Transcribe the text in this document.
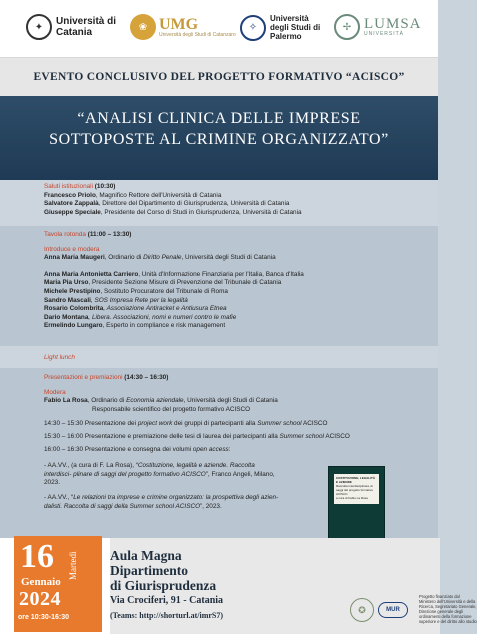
✦	Università di Catania	❀ UMG
Università degli Studi di Catanzaro
✧
Università degli Studi di Palermo
✢ LUMSA
UNIVERSITÀ
EVENTO CONCLUSIVO DEL PROGETTO FORMATIVO “ACISCO”
“ANALISI CLINICA DELLE IMPRESE
SOTTOPOSTE AL CRIMINE ORGANIZZATO”
Saluti istituzionali (10:30)
Francesco Priolo, Magnifico Rettore dell'Università di Catania
Salvatore Zappalà, Direttore del Dipartimento di Giurisprudenza, Università di Catania
Giuseppe Speciale, Presidente del Corso di Studi in Giurisprudenza, Università di Catania
Tavola rotonda (11:00 – 13:30)
Introduce e modera
Anna Maria Maugeri, Ordinario di Diritto Penale, Università degli Studi di Catania
Anna Maria Antonietta Carriero, Unità d'Informazione Finanziaria per l'Italia, Banca d'Italia
Maria Pia Urso, Presidente Sezione Misure di Prevenzione del Tribunale di Catania
Michele Prestipino, Sostituto Procuratore del Tribunale di Roma
Sandro Mascali, SOS Impresa Rete per la legalità
Rosario Colombrita, Associazione Antiracket e Antiusura Etnea
Dario Montana, Libera. Associazioni, nomi e numeri contro le mafie
Ermelindo Lungaro, Esperto in compliance e risk management
Light lunch
Presentazioni e premiazioni (14:30 – 16:30)
Modera
Fabio La Rosa, Ordinario di Economia aziendale, Università degli Studi di Catania
Responsabile scientifico del progetto formativo ACISCO
14:30 – 15:30 Presentazione dei project work dei gruppi di partecipanti alla Summer school ACISCO
15:30 – 16:00 Presentazione e premiazione delle tesi di laurea dei partecipanti alla Summer school ACISCO
16:00 – 16:30 Presentazione e consegna dei volumi open access:
- AA.VV., (a cura di F. La Rosa), “Costituzione, legalità e aziende. Raccolta interdisci- plinare di saggi del progetto formativo ACISCO”, Franco Angeli, Milano, 2023.
- AA.VV., “Le relazioni tra imprese e crimine organizzato: la prospettiva degli azien-dalisti. Raccolta di saggi della Summer school ACISCO”, 2023.
COSTITUZIONE, LEGALITÀ E AZIENDE
Raccolta interdisciplinare di saggi del progetto formativo ACISCO
a cura di Fabio La Rosa
16 Martedì
Gennaio
2024
ore 10:30-16:30
Aula Magna
Dipartimento
di Giurisprudenza
Via Crociferi, 91 - Catania
(Teams: http://shorturl.at/imrS7)
✪	MUR
Progetto finanziato dal Ministero dell'Università e della Ricerca, Segretariato Generale, Direzione generale degli ordinamenti della formazione superiore e del diritto allo studio
